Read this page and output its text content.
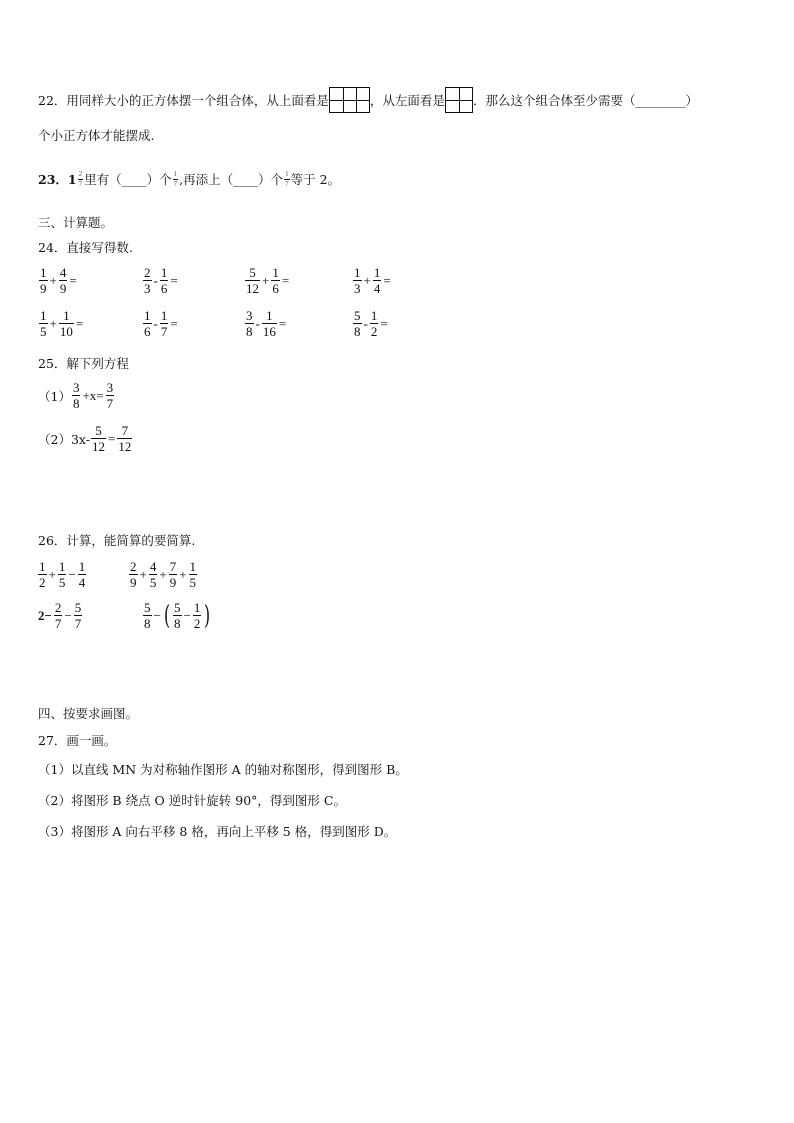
22．用同样大小的正方体摆一个组合体，从上面看是	，从左面看是 ．那么这个组合体至少需要（________）
个小正方体才能摆成.
23．$1 \frac{2}{7}$ 里有（____）个 $\frac{1}{7}$ ,再添上（____）个 $\frac{1}{7}$ 等于 2。
三、计算题。
24．直接写得数.
$\frac{1}{9} + \frac{4}{9}$ =	$\frac{2}{3} - \frac{1}{6}$ =	$\frac{5}{12} + \frac{1}{6}$ =	$\frac{1}{3} + \frac{1}{4}$ =
$\frac{1}{5} + \frac{1}{10}$ =	$\frac{1}{6} - \frac{1}{7}$ =	$\frac{3}{8} - \frac{1}{16}$ =	$\frac{5}{8} - \frac{1}{2}$ =
25．解下列方程
$(1) \frac{3}{8} +x= \frac{3}{7}$
$(2)3x- \frac{5}{12} = \frac{7}{12}$
26．计算，能简算的要简算.
$\frac{1}{2} + \frac{1}{5} - \frac{1}{4}$	$\frac{2}{9} + \frac{4}{5} + \frac{7}{9} + \frac{1}{5}$
$2- \frac{2}{7} - \frac{5}{7}$	$\frac{5}{8}$ − ( $\frac{5}{8} - \frac{1}{2}$ )
四、按要求画图。
27．画一画。
（1）以直线 MN 为对称轴作图形 A 的轴对称图形，得到图形 B。
（2）将图形 B 绕点 O 逆时针旋转 90°，得到图形 C。
（3）将图形 A 向右平移 8 格，再向上平移 5 格，得到图形 D。
